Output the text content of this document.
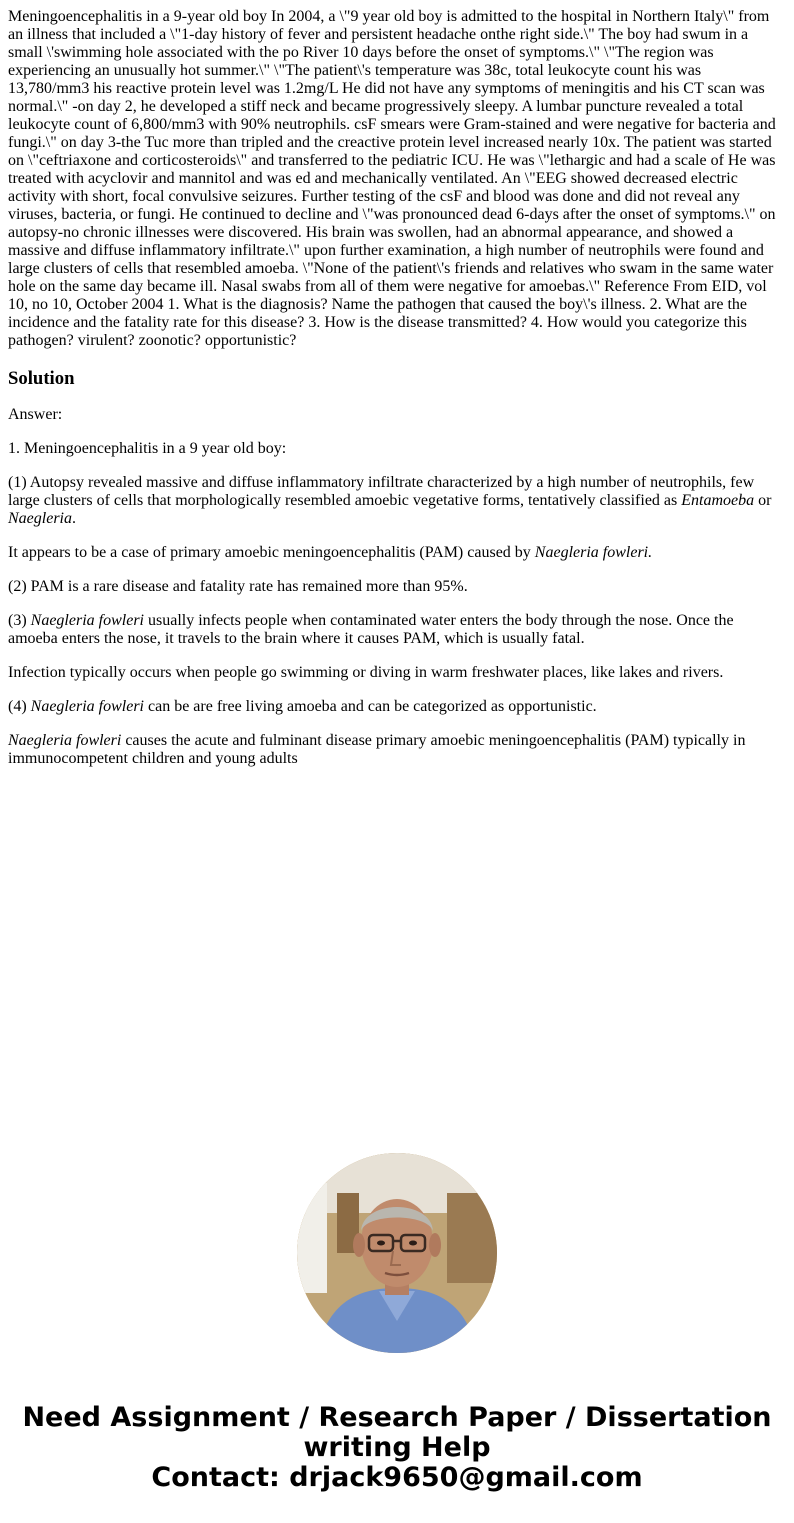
Meningoencephalitis in a 9-year old boy In 2004, a \"9 year old boy is admitted to the hospital in Northern Italy\" from an illness that included a \"1-day history of fever and persistent headache onthe right side.\" The boy had swum in a small \'swimming hole associated with the po River 10 days before the onset of symptoms.\" \"The region was experiencing an unusually hot summer.\" \"The patient\'s temperature was 38c, total leukocyte count his was 13,780/mm3 his reactive protein level was 1.2mg/L He did not have any symptoms of meningitis and his CT scan was normal.\" -on day 2, he developed a stiff neck and became progressively sleepy. A lumbar puncture revealed a total leukocyte count of 6,800/mm3 with 90% neutrophils. csF smears were Gram-stained and were negative for bacteria and fungi.\" on day 3-the Tuc more than tripled and the creactive protein level increased nearly 10x. The patient was started on \"ceftriaxone and corticosteroids\" and transferred to the pediatric ICU. He was \"lethargic and had a scale of He was treated with acyclovir and mannitol and was ed and mechanically ventilated. An \"EEG showed decreased electric activity with short, focal convulsive seizures. Further testing of the csF and blood was done and did not reveal any viruses, bacteria, or fungi. He continued to decline and \"was pronounced dead 6-days after the onset of symptoms.\" on autopsy-no chronic illnesses were discovered. His brain was swollen, had an abnormal appearance, and showed a massive and diffuse inflammatory infiltrate.\" upon further examination, a high number of neutrophils were found and large clusters of cells that resembled amoeba. \"None of the patient\'s friends and relatives who swam in the same water hole on the same day became ill. Nasal swabs from all of them were negative for amoebas.\" Reference From EID, vol 10, no 10, October 2004 1. What is the diagnosis? Name the pathogen that caused the boy\'s illness. 2. What are the incidence and the fatality rate for this disease? 3. How is the disease transmitted? 4. How would you categorize this pathogen? virulent? zoonotic? opportunistic?

Solution

Answer:

1. Meningoencephalitis in a 9 year old boy:

(1) Autopsy revealed massive and diffuse inflammatory infiltrate characterized by a high number of neutrophils, few large clusters of cells that morphologically resembled amoebic vegetative forms, tentatively classified as Entamoeba or Naegleria.

It appears to be a case of primary amoebic meningoencephalitis (PAM) caused by Naegleria fowleri.

(2) PAM is a rare disease and fatality rate has remained more than 95%.

(3) Naegleria fowleri usually infects people when contaminated water enters the body through the nose. Once the amoeba enters the nose, it travels to the brain where it causes PAM, which is usually fatal.

Infection typically occurs when people go swimming or diving in warm freshwater places, like lakes and rivers.

(4) Naegleria fowleri can be are free living amoeba and can be categorized as opportunistic.

Naegleria fowleri causes the acute and fulminant disease primary amoebic meningoencephalitis (PAM) typically in immunocompetent children and young adults

Need Assignment / Research Paper / Dissertation
writing Help
Contact: drjack9650@gmail.com
